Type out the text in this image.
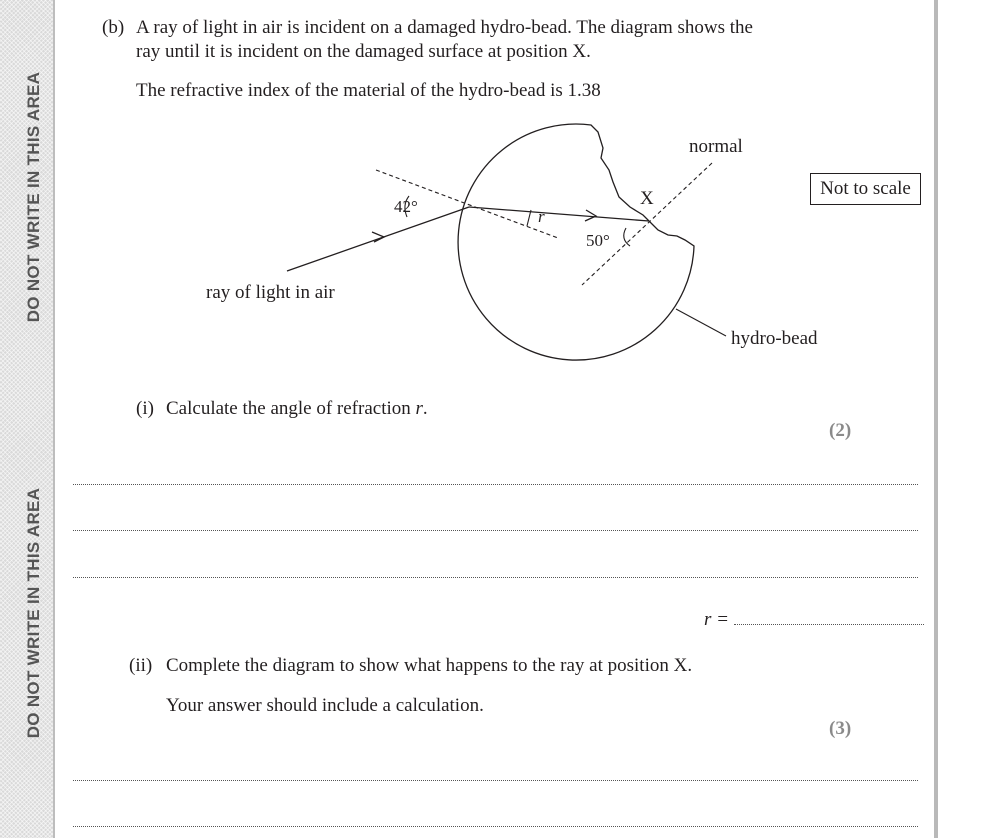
DO NOT WRITE IN THIS AREA
DO NOT WRITE IN THIS AREA
(b) A ray of light in air is incident on a damaged hydro-bead. The diagram shows the
ray until it is incident on the damaged surface at position X.
The refractive index of the material of the hydro-bead is 1.38
normal
X
42°
r
50°
ray of light in air
hydro-bead
Not to scale
(i) Calculate the angle of refraction r.
(2)
r =
(ii) Complete the diagram to show what happens to the ray at position X.
Your answer should include a calculation.
(3)
